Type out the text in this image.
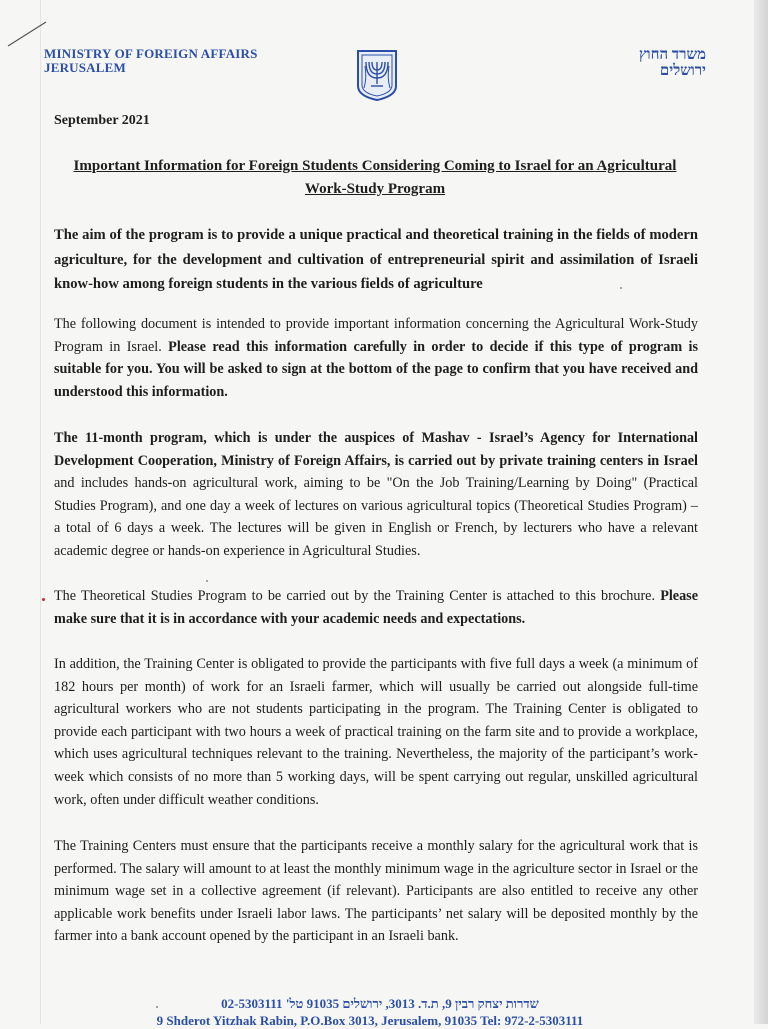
MINISTRY OF FOREIGN AFFAIRS
JERUSALEM
משרד החוץ
ירושלים
September 2021
Important Information for Foreign Students Considering Coming to Israel for an Agricultural Work-Study Program
The aim of the program is to provide a unique practical and theoretical training in the fields of modern agriculture, for the development and cultivation of entrepreneurial spirit and assimilation of Israeli know-how among foreign students in the various fields of agriculture
The following document is intended to provide important information concerning the Agricultural Work-Study Program in Israel. Please read this information carefully in order to decide if this type of program is suitable for you. You will be asked to sign at the bottom of the page to confirm that you have received and understood this information.
The 11-month program, which is under the auspices of Mashav - Israel’s Agency for International Development Cooperation, Ministry of Foreign Affairs, is carried out by private training centers in Israel and includes hands-on agricultural work, aiming to be "On the Job Training/Learning by Doing" (Practical Studies Program), and one day a week of lectures on various agricultural topics (Theoretical Studies Program) – a total of 6 days a week. The lectures will be given in English or French, by lecturers who have a relevant academic degree or hands-on experience in Agricultural Studies.
The Theoretical Studies Program to be carried out by the Training Center is attached to this brochure. Please make sure that it is in accordance with your academic needs and expectations.
In addition, the Training Center is obligated to provide the participants with five full days a week (a minimum of 182 hours per month) of work for an Israeli farmer, which will usually be carried out alongside full-time agricultural workers who are not students participating in the program. The Training Center is obligated to provide each participant with two hours a week of practical training on the farm site and to provide a workplace, which uses agricultural techniques relevant to the training. Nevertheless, the majority of the participant’s work-week which consists of no more than 5 working days, will be spent carrying out regular, unskilled agricultural work, often under difficult weather conditions.
The Training Centers must ensure that the participants receive a monthly salary for the agricultural work that is performed. The salary will amount to at least the monthly minimum wage in the agriculture sector in Israel or the minimum wage set in a collective agreement (if relevant). Participants are also entitled to receive any other applicable work benefits under Israeli labor laws. The participants’ net salary will be deposited monthly by the farmer into a bank account opened by the participant in an Israeli bank.
שדרות יצחק רבין 9, ת.ד. 3013, ירושלים 91035 טל' 02-5303111
9 Shderot Yitzhak Rabin, P.O.Box 3013, Jerusalem, 91035 Tel: 972-2-5303111
